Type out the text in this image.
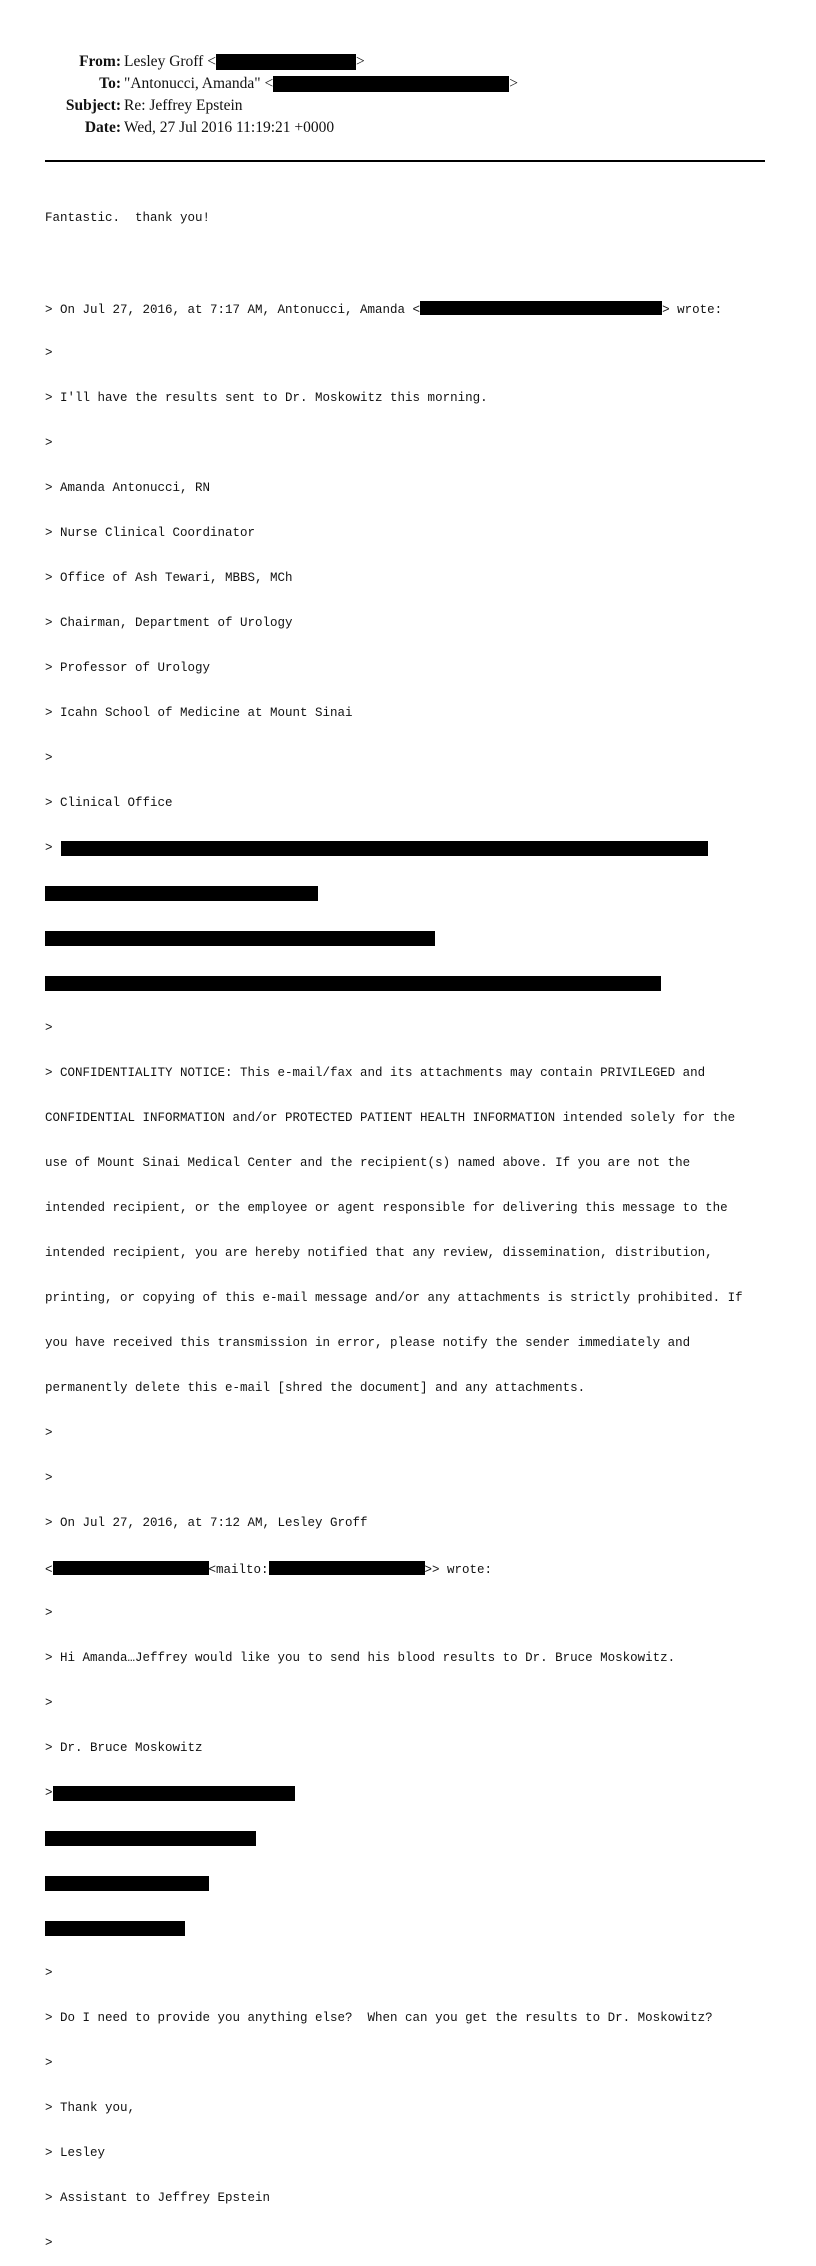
From: Lesley Groff <	>
To: "Antonucci, Amanda" <	>
Subject: Re: Jeffrey Epstein
Date: Wed, 27 Jul 2016 11:19:21 +0000

Fantastic.  thank you!

> On Jul 27, 2016, at 7:17 AM, Antonucci, Amanda <	> wrote:

>

> I'll have the results sent to Dr. Moskowitz this morning.

>

> Amanda Antonucci, RN

> Nurse Clinical Coordinator

> Office of Ash Tewari, MBBS, MCh

> Chairman, Department of Urology

> Professor of Urology

> Icahn School of Medicine at Mount Sinai

>

> Clinical Office

>

>

> CONFIDENTIALITY NOTICE: This e-mail/fax and its attachments may contain PRIVILEGED and

CONFIDENTIAL INFORMATION and/or PROTECTED PATIENT HEALTH INFORMATION intended solely for the

use of Mount Sinai Medical Center and the recipient(s) named above. If you are not the

intended recipient, or the employee or agent responsible for delivering this message to the

intended recipient, you are hereby notified that any review, dissemination, distribution,

printing, or copying of this e-mail message and/or any attachments is strictly prohibited. If

you have received this transmission in error, please notify the sender immediately and

permanently delete this e-mail [shred the document] and any attachments.

>

>

> On Jul 27, 2016, at 7:12 AM, Lesley Groff

<	<mailto:	>> wrote:

>

> Hi Amanda…Jeffrey would like you to send his blood results to Dr. Bruce Moskowitz.

>

> Dr. Bruce Moskowitz

>

>

> Do I need to provide you anything else?  When can you get the results to Dr. Moskowitz?

>

> Thank you,

> Lesley

> Assistant to Jeffrey Epstein

>
